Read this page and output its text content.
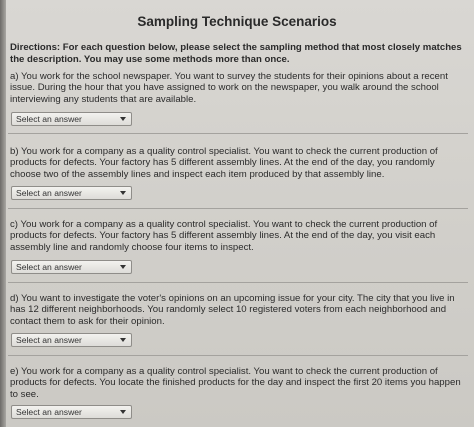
Sampling Technique Scenarios
Directions: For each question below, please select the sampling method that most closely matches the description. You may use some methods more than once.
a) You work for the school newspaper. You want to survey the students for their opinions about a recent issue. During the hour that you have assigned to work on the newspaper, you walk around the school interviewing any students that are available.
Select an answer
b) You work for a company as a quality control specialist. You want to check the current production of products for defects. Your factory has 5 different assembly lines. At the end of the day, you randomly choose two of the assembly lines and inspect each item produced by that assembly line.
Select an answer
c) You work for a company as a quality control specialist. You want to check the current production of products for defects. Your factory has 5 different assembly lines. At the end of the day, you visit each assembly line and randomly choose four items to inspect.
Select an answer
d) You want to investigate the voter's opinions on an upcoming issue for your city. The city that you live in has 12 different neighborhoods. You randomly select 10 registered voters from each neighborhood and contact them to ask for their opinion.
Select an answer
e) You work for a company as a quality control specialist. You want to check the current production of products for defects. You locate the finished products for the day and inspect the first 20 items you happen to see.
Select an answer
